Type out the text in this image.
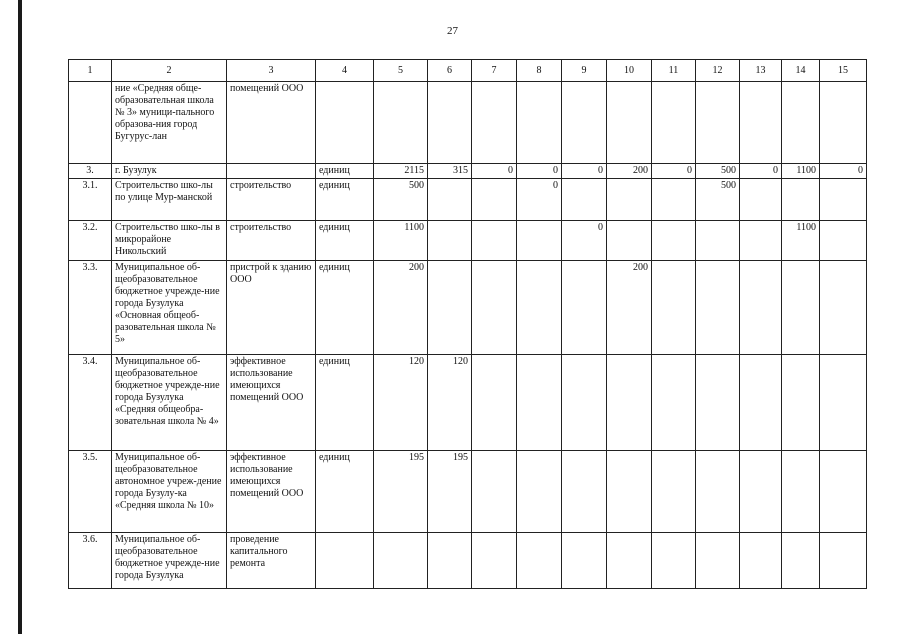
27
1	2	3	4	5	6	7	8	9	10	11	12	13	14	15
	ние «Средняя обще-образовательная школа № 3» муници-пального образова-ния город Бугурус-лан	помещений ООО												
3.	г. Бузулук		единиц	2115	315	0	0	0	200	0	500	0	1100	0
3.1.	Строительство шко-лы по улице Мур-манской	строительство	единиц	500			0				500			
3.2.	Строительство шко-лы в микрорайоне Никольский	строительство	единиц	1100				0					1100	
3.3.	Муниципальное об-щеобразовательное бюджетное учрежде-ние города Бузулука «Основная общеоб-разовательная школа № 5»	пристрой к зданию ООО	единиц	200					200					
3.4.	Муниципальное об-щеобразовательное бюджетное учрежде-ние города Бузулука «Средняя общеобра-зовательная школа № 4»	эффективное использование имеющихся помещений ООО	единиц	120	120									
3.5.	Муниципальное об-щеобразовательное автономное учреж-дение города Бузулу-ка «Средняя школа № 10»	эффективное использование имеющихся помещений ООО	единиц	195	195									
3.6.	Муниципальное об-щеобразовательное бюджетное учрежде-ние города Бузулука	проведение капитального ремонта												
